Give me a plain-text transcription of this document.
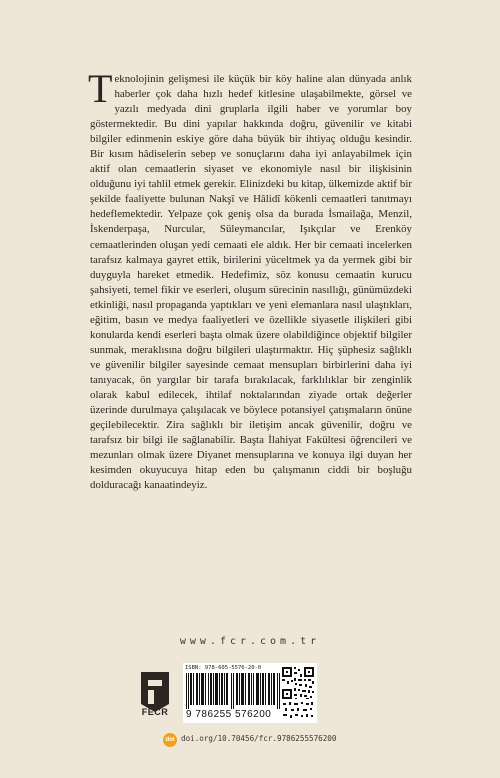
Teknolojinin gelişmesi ile küçük bir köy haline alan dünyada anlık haberler çok daha hızlı hedef kitlesine ulaşabilmekte, görsel ve yazılı medyada dini gruplarla ilgili haber ve yorumlar boy göstermektedir. Bu dini yapılar hakkında doğru, güvenilir ve kitabi bilgiler edinmenin eskiye göre daha büyük bir ihtiyaç olduğu kesindir. Bir kısım hâdiselerin sebep ve sonuçlarını daha iyi anlayabilmek için aktif olan cemaatlerin siyaset ve ekonomiyle nasıl bir ilişkisinin olduğunu iyi tahlil etmek gerekir. Elinizdeki bu kitap, ülkemizde aktif bir şekilde faaliyette bulunan Nakşî ve Hâlidî kökenli cemaatleri tanıtmayı hedeflemektedir. Yelpaze çok geniş olsa da burada İsmailağa, Menzil, İskenderpaşa, Nurcular, Süleymancılar, Işıkçılar ve Erenköy cemaatlerinden oluşan yedi cemaati ele aldık. Her bir cemaati incelerken tarafsız kalmaya gayret ettik, birilerini yüceltmek ya da yermek gibi bir duyguyla hareket etmedik. Hedefimiz, söz konusu cemaatin kurucu şahsiyeti, temel fikir ve eserleri, oluşum sürecinin nasıllığı, günümüzdeki etkinliği, nasıl propaganda yaptıkları ve yeni elemanlara nasıl ulaştıkları, eğitim, basın ve medya faaliyetleri ve özellikle siyasetle ilişkileri gibi konularda kendi eserleri başta olmak üzere olabildiğince objektif bilgiler sunmak, meraklısına doğru bilgileri ulaştırmaktır. Hiç şüphesiz sağlıklı ve güvenilir bilgiler sayesinde cemaat mensupları birbirlerini daha iyi tanıyacak, ön yargılar bir tarafa bırakılacak, farklılıklar bir zenginlik olarak kabul edilecek, ihtilaf noktalarından ziyade ortak değerler üzerinde durulmaya çalışılacak ve böylece potansiyel çatışmaların önüne geçilebilecektir. Zira sağlıklı bir iletişim ancak güvenilir, doğru ve tarafsız bir bilgi ile sağlanabilir. Başta İlahiyat Fakültesi öğrencileri ve mezunları olmak üzere Diyanet mensuplarına ve konuya ilgi duyan her kesimden okuyucuya hitap eden bu çalışmanın ciddi bir boşluğu dolduracağı kanaatindeyiz.

www.fcr.com.tr
FECR
ISBN: 978-605-5576-20-0
9 786255 576200
doi doi.org/10.70456/fcr.9786255576200
